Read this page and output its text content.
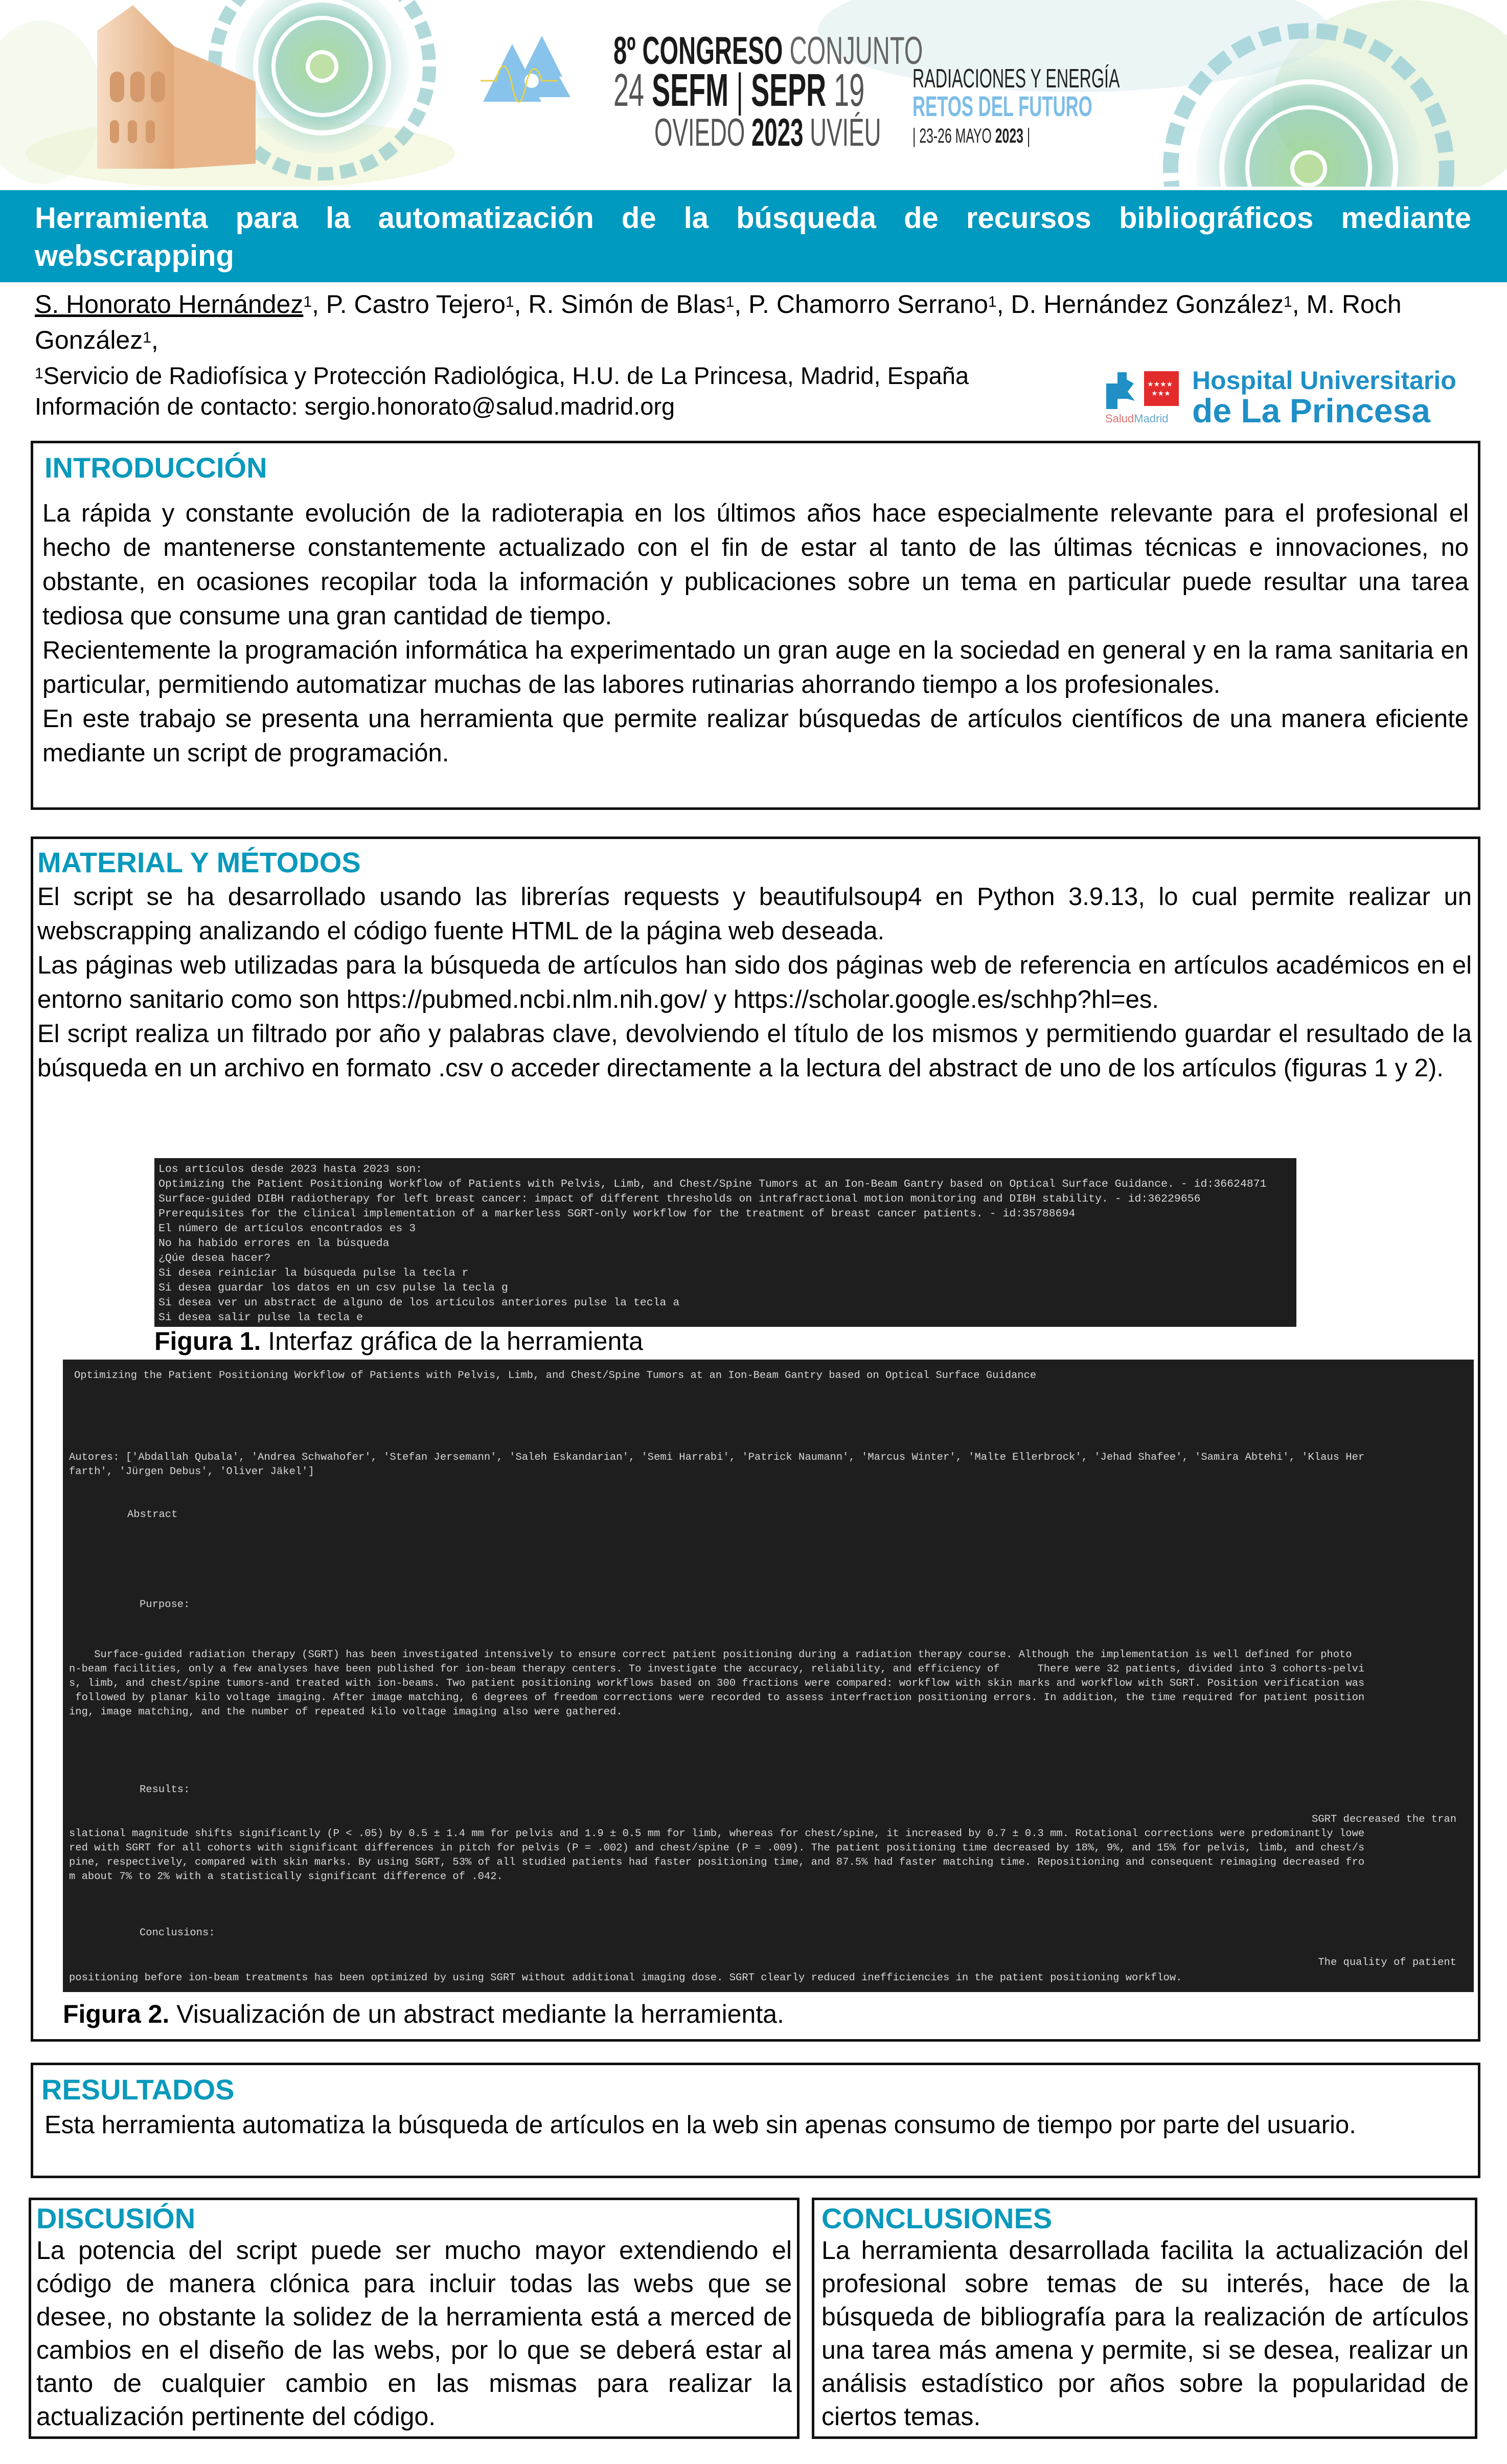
8º CONGRESO CONJUNTO
24 SEFM | SEPR 19
OVIEDO 2023 UVIÉU
RADIACIONES Y ENERGÍA
RETOS DEL FUTURO
| 23-26 MAYO 2023 |
Herramienta para la automatización de la búsqueda de recursos bibliográficos mediante webscrapping
S. Honorato Hernández$^1$, P. Castro Tejero$^1$, R. Simón de Blas$^1$, P. Chamorro Serrano$^1$, D. Hernández González$^1$, M. Roch González$^1$,
$^1$Servicio de Radiofísica y Protección Radiológica, H.U. de La Princesa, Madrid, España
Información de contacto: sergio.honorato@salud.madrid.org
★★★★
★★★
SaludMadrid
Hospital Universitario
de La Princesa
INTRODUCCIÓN
La rápida y constante evolución de la radioterapia en los últimos años hace especialmente relevante para el profesional el hecho de mantenerse constantemente actualizado con el fin de estar al tanto de las últimas técnicas e innovaciones, no obstante, en ocasiones recopilar toda la información y publicaciones sobre un tema en particular puede resultar una tarea tediosa que consume una gran cantidad de tiempo.
Recientemente la programación informática ha experimentado un gran auge en la sociedad en general y en la rama sanitaria en particular, permitiendo automatizar muchas de las labores rutinarias ahorrando tiempo a los profesionales.
En este trabajo se presenta una herramienta que permite realizar búsquedas de artículos científicos de una manera eficiente mediante un script de programación.
MATERIAL Y MÉTODOS
El script se ha desarrollado usando las librerías requests y beautifulsoup4 en Python 3.9.13, lo cual permite realizar un webscrapping analizando el código fuente HTML de la página web deseada.
Las páginas web utilizadas para la búsqueda de artículos han sido dos páginas web de referencia en artículos académicos en el entorno sanitario como son https://pubmed.ncbi.nlm.nih.gov/ y https://scholar.google.es/schhp?hl=es.
El script realiza un filtrado por año y palabras clave, devolviendo el título de los mismos y permitiendo guardar el resultado de la búsqueda en un archivo en formato .csv o acceder directamente a la lectura del abstract de uno de los artículos (figuras 1 y 2).
Los artículos desde 2023 hasta 2023 son:
Optimizing the Patient Positioning Workflow of Patients with Pelvis, Limb, and Chest/Spine Tumors at an Ion-Beam Gantry based on Optical Surface Guidance. - id:36624871
Surface-guided DIBH radiotherapy for left breast cancer: impact of different thresholds on intrafractional motion monitoring and DIBH stability. - id:36229656
Prerequisites for the clinical implementation of a markerless SGRT-only workflow for the treatment of breast cancer patients. - id:35788694
El número de artículos encontrados es 3
No ha habido errores en la búsqueda
¿Qúe desea hacer?
Si desea reiniciar la búsqueda pulse la tecla r
Si desea guardar los datos en un csv pulse la tecla g
Si desea ver un abstract de alguno de los artículos anteriores pulse la tecla a
Si desea salir pulse la tecla e
Figura 1. Interfaz gráfica de la herramienta
Optimizing the Patient Positioning Workflow of Patients with Pelvis, Limb, and Chest/Spine Tumors at an Ion-Beam Gantry based on Optical Surface Guidance
Autores: ['Abdallah Qubala', 'Andrea Schwahofer', 'Stefan Jersemann', 'Saleh Eskandarian', 'Semi Harrabi', 'Patrick Naumann', 'Marcus Winter', 'Malte Ellerbrock', 'Jehad Shafee', 'Samira Abtehi', 'Klaus Her
farth', 'Jürgen Debus', 'Oliver Jäkel']
Abstract
Purpose:
Surface-guided radiation therapy (SGRT) has been investigated intensively to ensure correct patient positioning during a radiation therapy course. Although the implementation is well defined for photo
n-beam facilities, only a few analyses have been published for ion-beam therapy centers. To investigate the accuracy, reliability, and efficiency of      There were 32 patients, divided into 3 cohorts-pelvi
s, limb, and chest/spine tumors-and treated with ion-beams. Two patient positioning workflows based on 300 fractions were compared: workflow with skin marks and workflow with SGRT. Position verification was
followed by planar kilo voltage imaging. After image matching, 6 degrees of freedom corrections were recorded to assess interfraction positioning errors. In addition, the time required for patient position
ing, image matching, and the number of repeated kilo voltage imaging also were gathered.
Results:
SGRT decreased the tran
slational magnitude shifts significantly (P < .05) by 0.5 ± 1.4 mm for pelvis and 1.9 ± 0.5 mm for limb, whereas for chest/spine, it increased by 0.7 ± 0.3 mm. Rotational corrections were predominantly lowe
red with SGRT for all cohorts with significant differences in pitch for pelvis (P = .002) and chest/spine (P = .009). The patient positioning time decreased by 18%, 9%, and 15% for pelvis, limb, and chest/s
pine, respectively, compared with skin marks. By using SGRT, 53% of all studied patients had faster positioning time, and 87.5% had faster matching time. Repositioning and consequent reimaging decreased fro
m about 7% to 2% with a statistically significant difference of .042.
Conclusions:
The quality of patient
positioning before ion-beam treatments has been optimized by using SGRT without additional imaging dose. SGRT clearly reduced inefficiencies in the patient positioning workflow.
Figura 2. Visualización de un abstract mediante la herramienta.
RESULTADOS
Esta herramienta automatiza la búsqueda de artículos en la web sin apenas consumo de tiempo por parte del usuario.
DISCUSIÓN
La potencia del script puede ser mucho mayor extendiendo el código de manera clónica para incluir todas las webs que se desee, no obstante la solidez de la herramienta está a merced de cambios en el diseño de las webs, por lo que se deberá estar al tanto de cualquier cambio en las mismas para realizar la actualización pertinente del código.
CONCLUSIONES
La herramienta desarrollada facilita la actualización del profesional sobre temas de su interés, hace de la búsqueda de bibliografía para la realización de artículos una tarea más amena y permite, si se desea, realizar un análisis estadístico por años sobre la popularidad de ciertos temas.
